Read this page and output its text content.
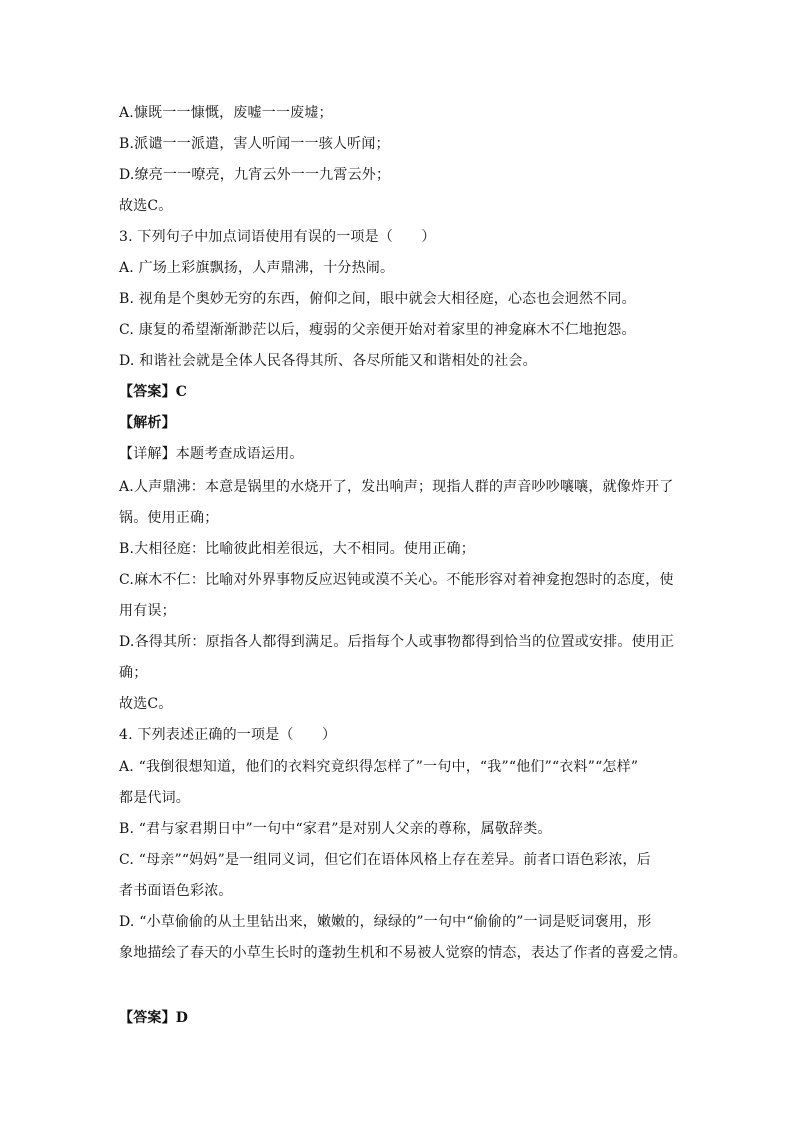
A.慷既一一慷慨，废嘘一一废墟；
B.派谴一一派遣，害人听闻一一骇人听闻；
D.缭亮一一嘹亮，九宵云外一一九霄云外；
故选C。
3. 下列句子中加点词语使用有误的一项是（　　）
A. 广场上彩旗飘扬，人声鼎沸，十分热闹。
B. 视角是个奥妙无穷的东西，俯仰之间，眼中就会大相径庭，心态也会迥然不同。
C. 康复的希望渐渐渺茫以后，瘦弱的父亲便开始对着家里的神龛麻木不仁地抱怨。
D. 和谐社会就是全体人民各得其所、各尽所能又和谐相处的社会。
【答案】C
【解析】
【详解】本题考查成语运用。
A.人声鼎沸：本意是锅里的水烧开了，发出响声；现指人群的声音吵吵嚷嚷，就像炸开了
锅。使用正确；
B.大相径庭：比喻彼此相差很远，大不相同。使用正确；
C.麻木不仁：比喻对外界事物反应迟钝或漠不关心。不能形容对着神龛抱怨时的态度，使
用有误；
D.各得其所：原指各人都得到满足。后指每个人或事物都得到恰当的位置或安排。使用正
确；
故选C。
4. 下列表述正确的一项是（　　）
A. “我倒很想知道，他们的衣料究竟织得怎样了”一句中，“我”“他们”“衣料”“怎样”
都是代词。
B. “君与家君期日中”一句中“家君”是对别人父亲的尊称，属敬辞类。
C. “母亲”“妈妈”是一组同义词，但它们在语体风格上存在差异。前者口语色彩浓，后
者书面语色彩浓。
D. “小草偷偷的从土里钻出来，嫩嫩的，绿绿的”一句中“偷偷的”一词是贬词褒用，形
象地描绘了春天的小草生长时的蓬勃生机和不易被人觉察的情态，表达了作者的喜爱之情。
【答案】D
